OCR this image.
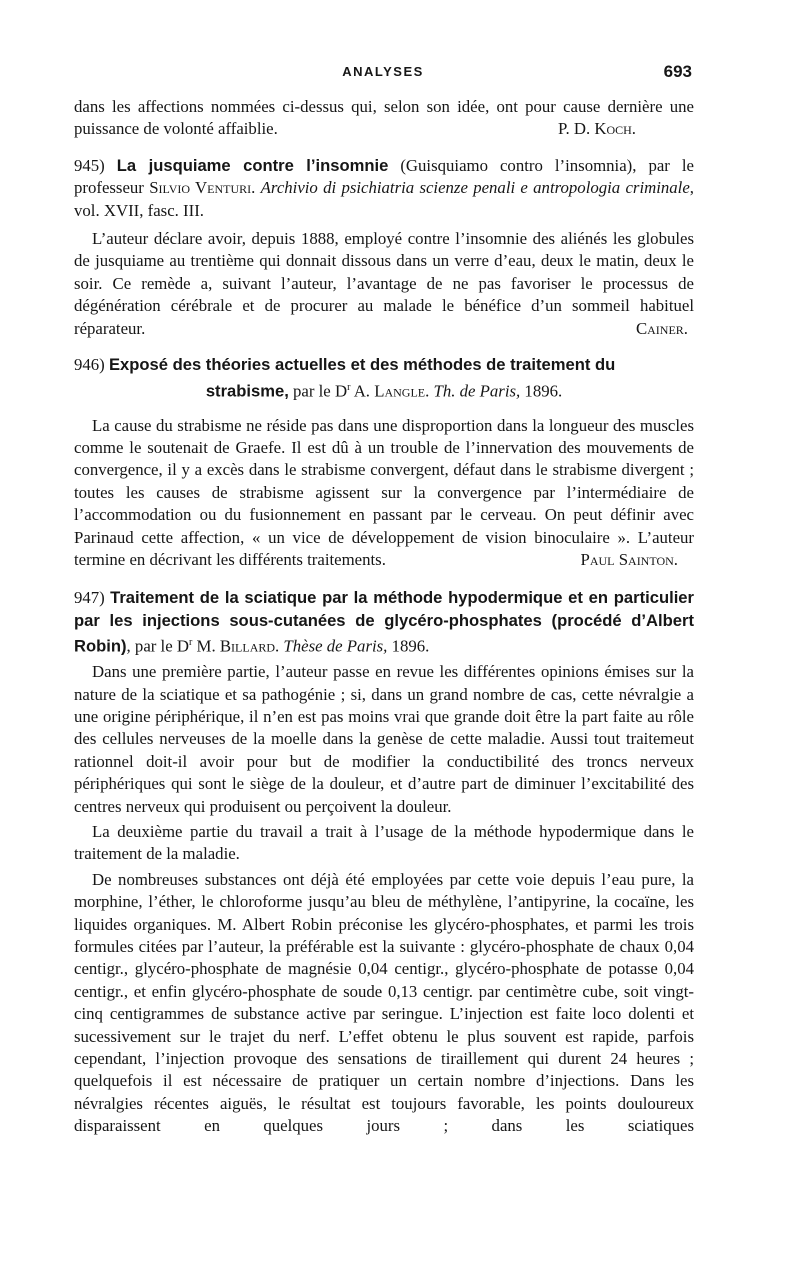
ANALYSES	693

dans les affections nommées ci-dessus qui, selon son idée, ont pour cause dernière une puissance de volonté affaiblie.	P. D. Koch.

945) La jusquiame contre l’insomnie (Guisquiamo contro l’insomnia), par le professeur Silvio Venturi. Archivio di psichiatria scienze penali e antropologia criminale, vol. XVII, fasc. III.

L’auteur déclare avoir, depuis 1888, employé contre l’insomnie des aliénés les globules de jusquiame au trentième qui donnait dissous dans un verre d’eau, deux le matin, deux le soir. Ce remède a, suivant l’auteur, l’avantage de ne pas favoriser le processus de dégénération cérébrale et de procurer au malade le bénéfice d’un sommeil habituel réparateur.	Cainer.

946) Exposé des théories actuelles et des méthodes de traitement du
strabisme, par le $D^r$ A. Langle. Th. de Paris, 1896.

La cause du strabisme ne réside pas dans une disproportion dans la longueur des muscles comme le soutenait de Graefe. Il est dû à un trouble de l’innervation des mouvements de convergence, il y a excès dans le strabisme convergent, défaut dans le strabisme divergent ; toutes les causes de strabisme agissent sur la convergence par l’intermédiaire de l’accommodation ou du fusionnement en passant par le cerveau. On peut définir avec Parinaud cette affection, « un vice de développement de vision binoculaire ». L’auteur termine en décrivant les différents traitements.	Paul Sainton.

947) Traitement de la sciatique par la méthode hypodermique et en particulier par les injections sous-cutanées de glycéro-phosphates (procédé d’Albert Robin), par le $D^r$ M. Billard. Thèse de Paris, 1896.

Dans une première partie, l’auteur passe en revue les différentes opinions émises sur la nature de la sciatique et sa pathogénie ; si, dans un grand nombre de cas, cette névralgie a une origine périphérique, il n’en est pas moins vrai que grande doit être la part faite au rôle des cellules nerveuses de la moelle dans la genèse de cette maladie. Aussi tout traitemeut rationnel doit-il avoir pour but de modifier la conductibilité des troncs nerveux périphériques qui sont le siège de la douleur, et d’autre part de diminuer l’excitabilité des centres nerveux qui produisent ou perçoivent la douleur.

La deuxième partie du travail a trait à l’usage de la méthode hypodermique dans le traitement de la maladie.

De nombreuses substances ont déjà été employées par cette voie depuis l’eau pure, la morphine, l’éther, le chloroforme jusqu’au bleu de méthylène, l’antipyrine, la cocaïne, les liquides organiques. M. Albert Robin préconise les glycéro-phosphates, et parmi les trois formules citées par l’auteur, la préférable est la suivante : glycéro-phosphate de chaux 0,04 centigr., glycéro-phosphate de magnésie 0,04 centigr., glycéro-phosphate de potasse 0,04 centigr., et enfin glycéro-phosphate de soude 0,13 centigr. par centimètre cube, soit vingt-cinq centigrammes de substance active par seringue. L’injection est faite loco dolenti et sucessivement sur le trajet du nerf. L’effet obtenu le plus souvent est rapide, parfois cependant, l’injection provoque des sensations de tiraillement qui durent 24 heures ; quelquefois il est nécessaire de pratiquer un certain nombre d’injections. Dans les névralgies récentes aiguës, le résultat est toujours favorable, les points douloureux disparaissent en quelques jours ; dans les sciatiques
